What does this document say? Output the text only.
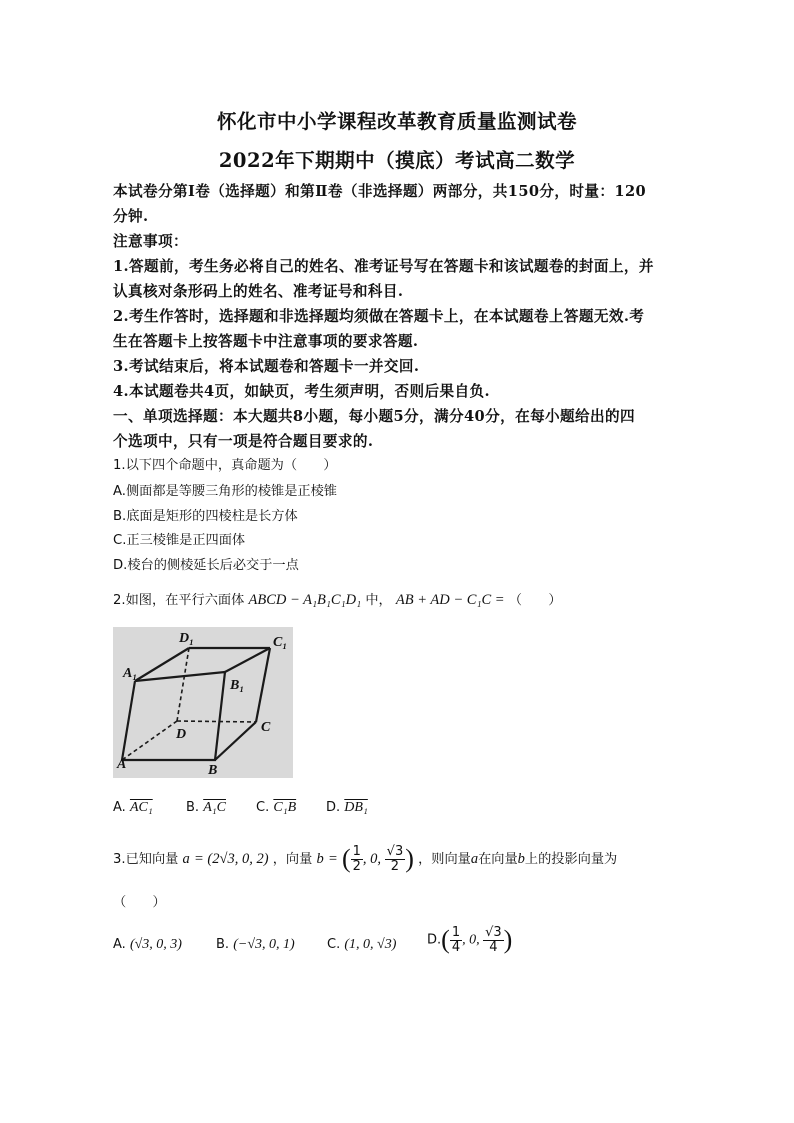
怀化市中小学课程改革教育质量监测试卷
2022年下期期中（摸底）考试高二数学
本试卷分第Ⅰ卷（选择题）和第Ⅱ卷（非选择题）两部分，共150分，时量：120
分钟.
注意事项：
1.答题前，考生务必将自己的姓名、准考证号写在答题卡和该试题卷的封面上，并
认真核对条形码上的姓名、准考证号和科目.
2.考生作答时，选择题和非选择题均须做在答题卡上，在本试题卷上答题无效.考
生在答题卡上按答题卡中注意事项的要求答题.
3.考试结束后，将本试题卷和答题卡一并交回.
4.本试题卷共4页，如缺页，考生须声明，否则后果自负.
一、单项选择题：本大题共8小题，每小题5分，满分40分，在每小题给出的四
个选项中，只有一项是符合题目要求的.
1.以下四个命题中，真命题为（　　）
A.侧面都是等腰三角形的棱锥是正棱锥
B.底面是矩形的四棱柱是长方体
C.正三棱锥是正四面体
D.棱台的侧棱延长后必交于一点
2.如图，在平行六面体 ABCD − A₁B₁C₁D₁ 中， AB + AD − C₁C = （　　）
D₁	C₁
A₁
B₁
D	C
A	B
A. AC₁	B. A₁C C. C₁B D. DB₁
3.已知向量 a = (2√3, 0, 2) ，向量 b = ( $\frac{1}{2}$ , 0, $\frac{√3}{2}$ ) ，则向量a在向量b上的投影向量为
（　　）
A. (√3, 0, 3)	B. (−√3, 0, 1) C. (1, 0, √3) $D.( \frac{1}{4}$ , 0, $\frac{√3}{4}$ )
